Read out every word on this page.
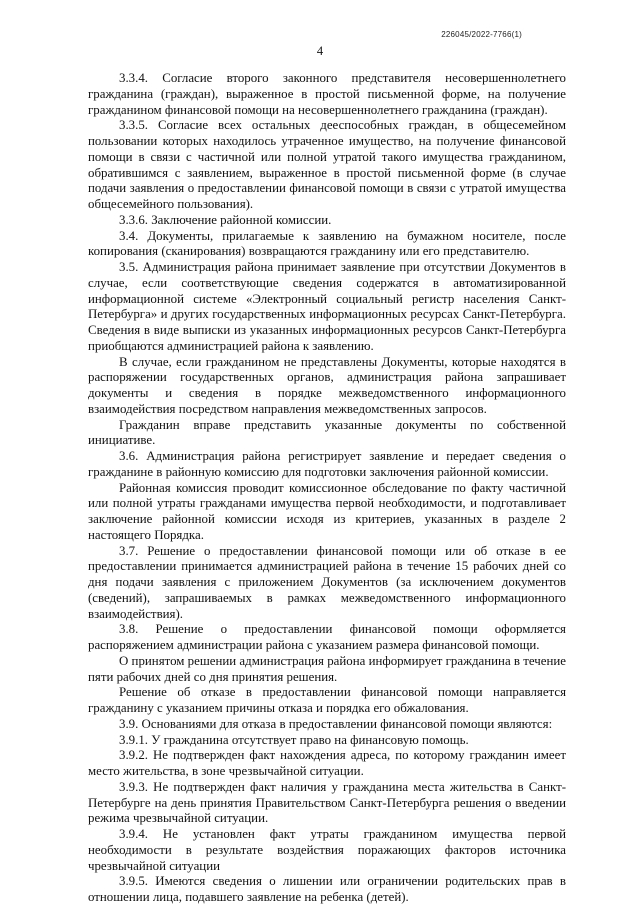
226045/2022-7766(1)
4

3.3.4. Согласие второго законного представителя несовершеннолетнего гражданина (граждан), выраженное в простой письменной форме, на получение гражданином финансовой помощи на несовершеннолетнего гражданина (граждан).

3.3.5. Согласие всех остальных дееспособных граждан, в общесемейном пользовании которых находилось утраченное имущество, на получение финансовой помощи в связи с частичной или полной утратой такого имущества гражданином, обратившимся с заявлением, выраженное в простой письменной форме (в случае подачи заявления о предоставлении финансовой помощи в связи с утратой имущества общесемейного пользования).

3.3.6. Заключение районной комиссии.

3.4. Документы, прилагаемые к заявлению на бумажном носителе, после копирования (сканирования) возвращаются гражданину или его представителю.

3.5. Администрация района принимает заявление при отсутствии Документов в случае, если соответствующие сведения содержатся в автоматизированной информационной системе «Электронный социальный регистр населения Санкт-Петербурга» и других государственных информационных ресурсах Санкт-Петербурга. Сведения в виде выписки из указанных информационных ресурсов Санкт-Петербурга приобщаются администрацией района к заявлению.

В случае, если гражданином не представлены Документы, которые находятся в распоряжении государственных органов, администрация района запрашивает документы и сведения в порядке межведомственного информационного взаимодействия посредством направления межведомственных запросов.

Гражданин вправе представить указанные документы по собственной инициативе.

3.6. Администрация района регистрирует заявление и передает сведения о гражданине в районную комиссию для подготовки заключения районной комиссии.

Районная комиссия проводит комиссионное обследование по факту частичной или полной утраты гражданами имущества первой необходимости, и подготавливает заключение районной комиссии исходя из критериев, указанных в разделе 2 настоящего Порядка.

3.7. Решение о предоставлении финансовой помощи или об отказе в ее предоставлении принимается администрацией района в течение 15 рабочих дней со дня подачи заявления с приложением Документов (за исключением документов (сведений), запрашиваемых в рамках межведомственного информационного взаимодействия).

3.8. Решение о предоставлении финансовой помощи оформляется распоряжением администрации района с указанием размера финансовой помощи.

О принятом решении администрация района информирует гражданина в течение пяти рабочих дней со дня принятия решения.

Решение об отказе в предоставлении финансовой помощи направляется гражданину с указанием причины отказа и порядка его обжалования.

3.9. Основаниями для отказа в предоставлении финансовой помощи являются:

3.9.1. У гражданина отсутствует право на финансовую помощь.

3.9.2. Не подтвержден факт нахождения адреса, по которому гражданин имеет место жительства, в зоне чрезвычайной ситуации.

3.9.3. Не подтвержден факт наличия у гражданина места жительства в Санкт-Петербурге на день принятия Правительством Санкт-Петербурга решения о введении режима чрезвычайной ситуации.

3.9.4. Не установлен факт утраты гражданином имущества первой необходимости в результате воздействия поражающих факторов источника чрезвычайной ситуации

3.9.5. Имеются сведения о лишении или ограничении родительских прав в отношении лица, подавшего заявление на ребенка (детей).
